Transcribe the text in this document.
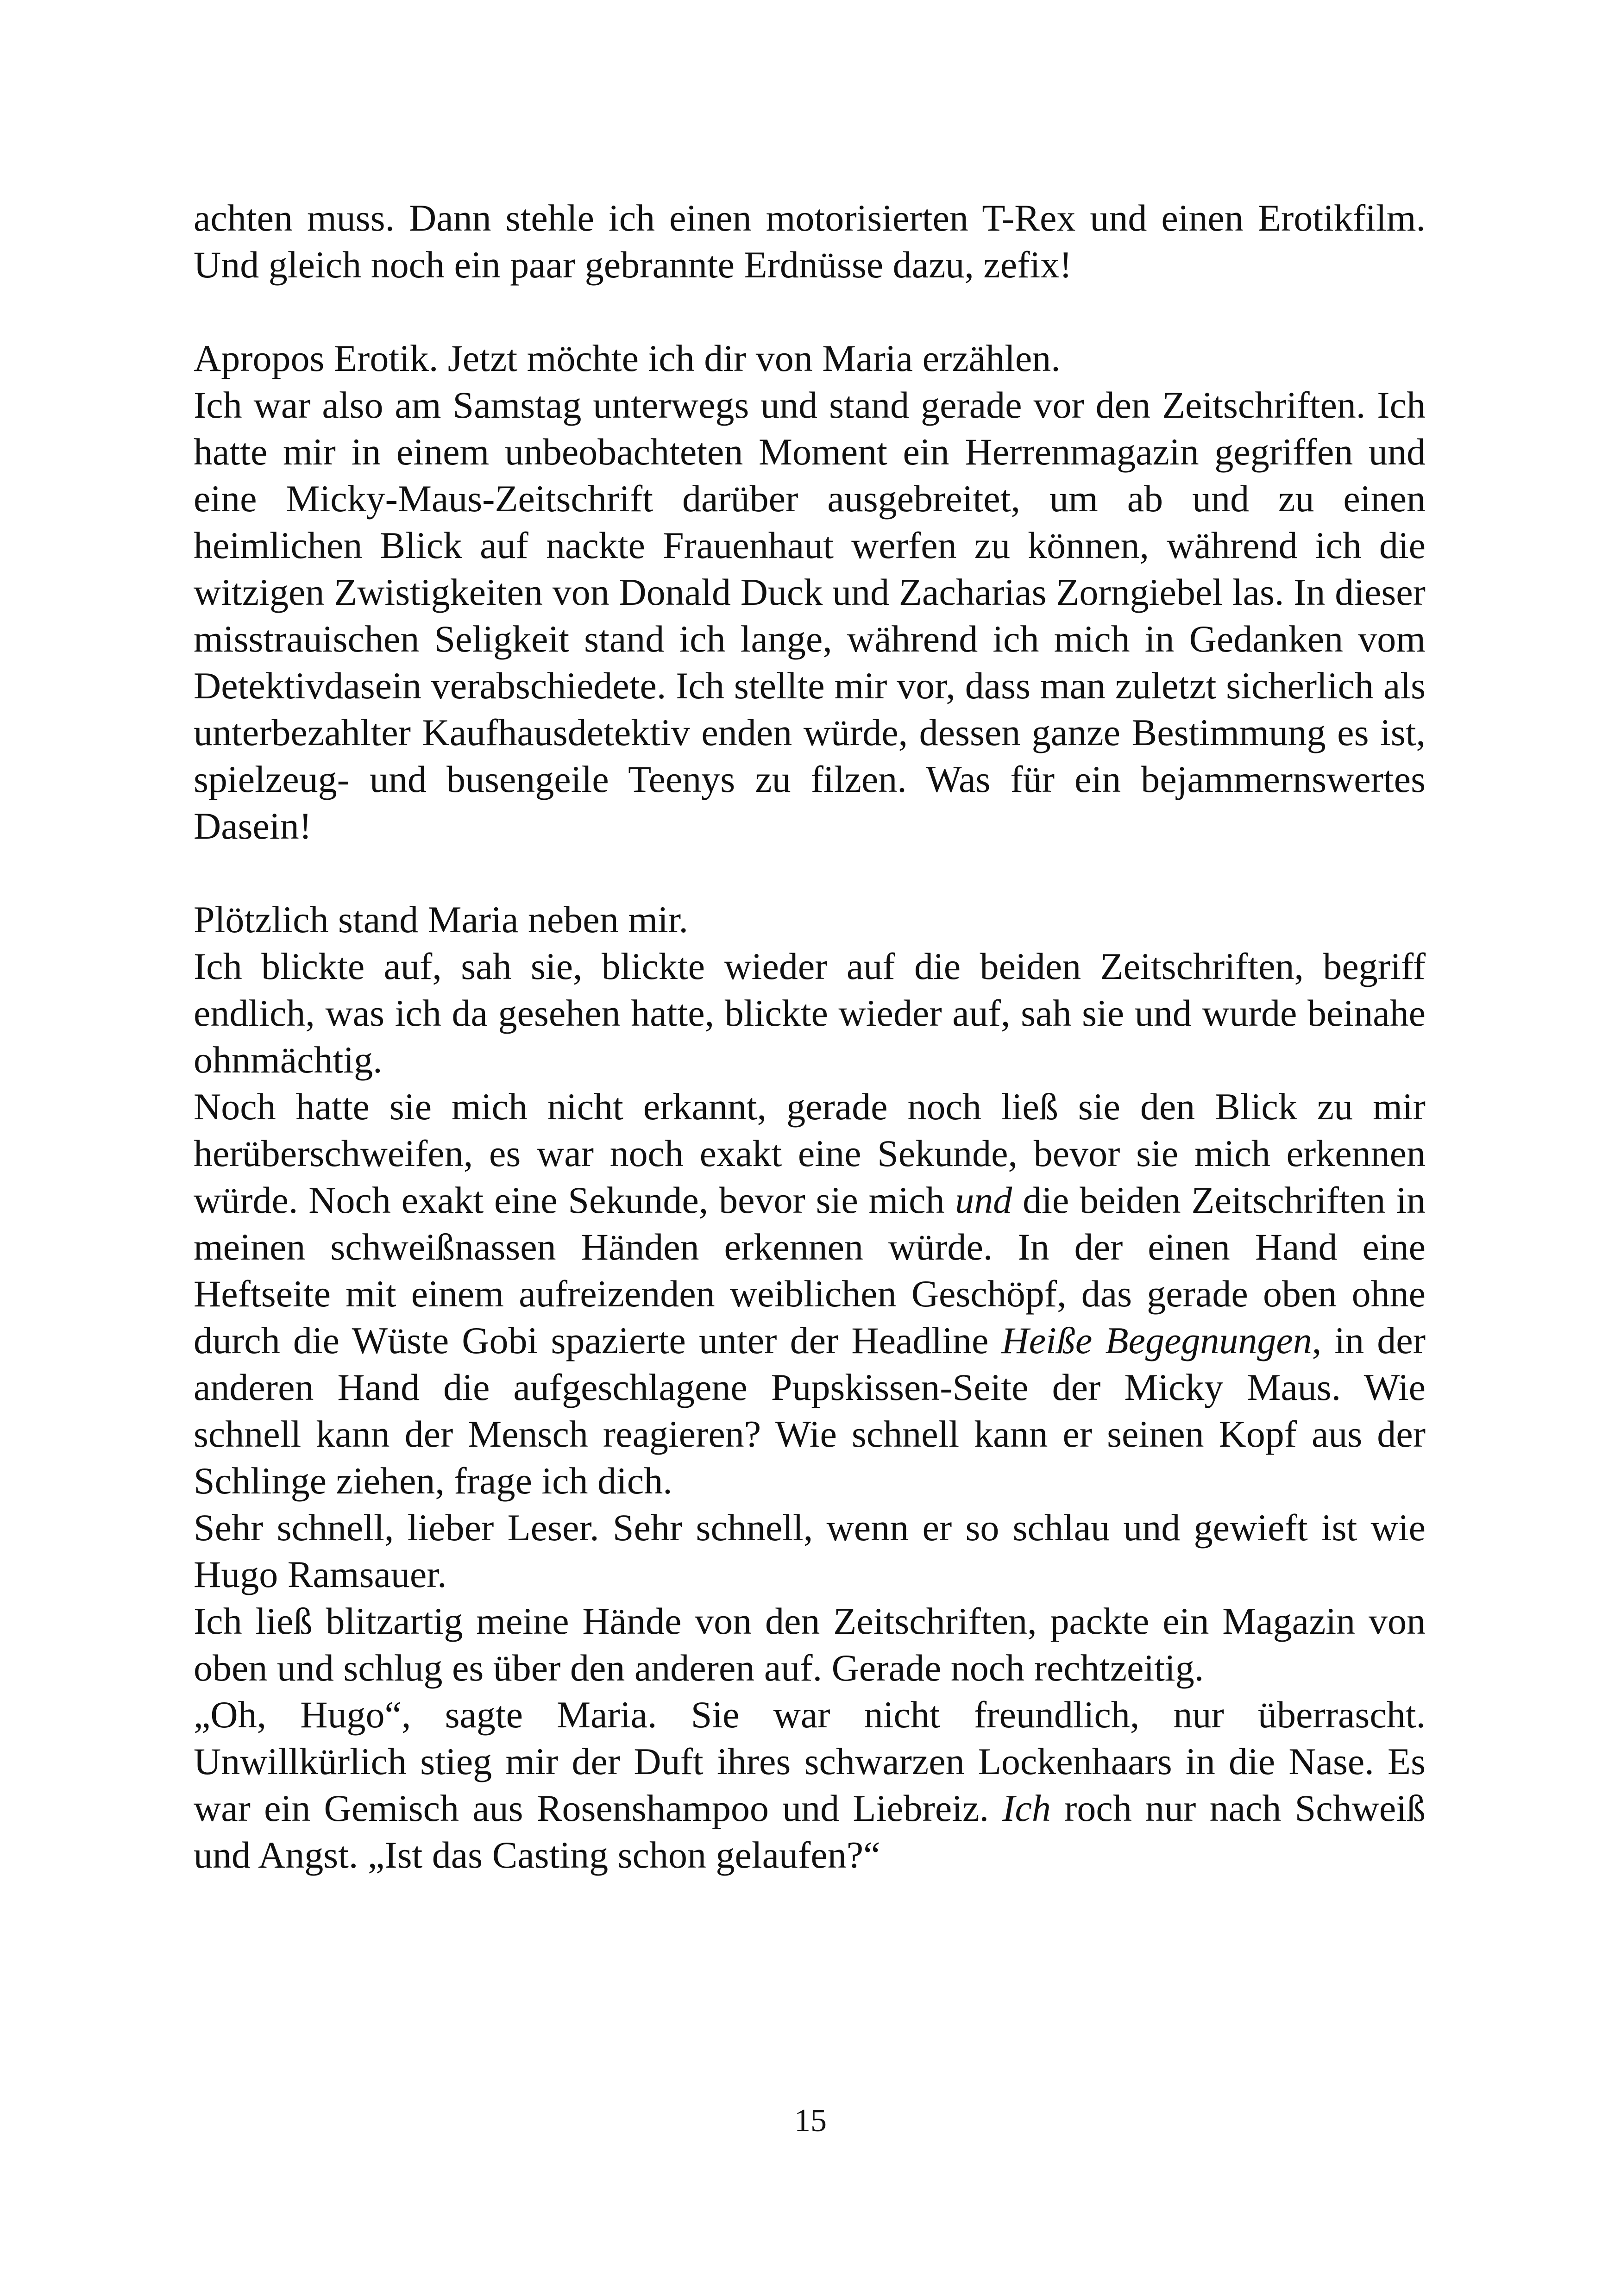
achten muss. Dann stehle ich einen motorisierten T-Rex und einen Erotikfilm. Und gleich noch ein paar gebrannte Erdnüsse dazu, zefix!

Apropos Erotik. Jetzt möchte ich dir von Maria erzählen.

Ich war also am Samstag unterwegs und stand gerade vor den Zeitschriften. Ich hatte mir in einem unbeobachteten Moment ein Herrenmagazin gegriffen und eine Micky-Maus-Zeitschrift darüber ausgebreitet, um ab und zu einen heimlichen Blick auf nackte Frauenhaut werfen zu können, während ich die witzigen Zwistigkeiten von Donald Duck und Zacharias Zorngiebel las. In dieser misstrauischen Seligkeit stand ich lange, während ich mich in Gedanken vom Detektivdasein verabschiedete. Ich stellte mir vor, dass man zuletzt sicherlich als unterbezahlter Kaufhausdetektiv enden würde, dessen ganze Bestimmung es ist, spielzeug- und busengeile Teenys zu filzen. Was für ein bejammernswertes Dasein!

Plötzlich stand Maria neben mir.

Ich blickte auf, sah sie, blickte wieder auf die beiden Zeitschriften, begriff endlich, was ich da gesehen hatte, blickte wieder auf, sah sie und wurde beinahe ohnmächtig.

Noch hatte sie mich nicht erkannt, gerade noch ließ sie den Blick zu mir herüberschweifen, es war noch exakt eine Sekunde, bevor sie mich erkennen würde. Noch exakt eine Sekunde, bevor sie mich und die beiden Zeitschriften in meinen schweißnassen Händen erkennen würde. In der einen Hand eine Heftseite mit einem aufreizenden weiblichen Geschöpf, das gerade oben ohne durch die Wüste Gobi spazierte unter der Headline Heiße Begegnungen, in der anderen Hand die aufgeschlagene Pupskissen-Seite der Micky Maus. Wie schnell kann der Mensch reagieren? Wie schnell kann er seinen Kopf aus der Schlinge ziehen, frage ich dich.

Sehr schnell, lieber Leser. Sehr schnell, wenn er so schlau und gewieft ist wie Hugo Ramsauer.

Ich ließ blitzartig meine Hände von den Zeitschriften, packte ein Magazin von oben und schlug es über den anderen auf. Gerade noch rechtzeitig.

„Oh, Hugo“, sagte Maria. Sie war nicht freundlich, nur überrascht. Unwillkürlich stieg mir der Duft ihres schwarzen Lockenhaars in die Nase. Es war ein Gemisch aus Rosenshampoo und Liebreiz. Ich roch nur nach Schweiß und Angst. „Ist das Casting schon gelaufen?“

15
